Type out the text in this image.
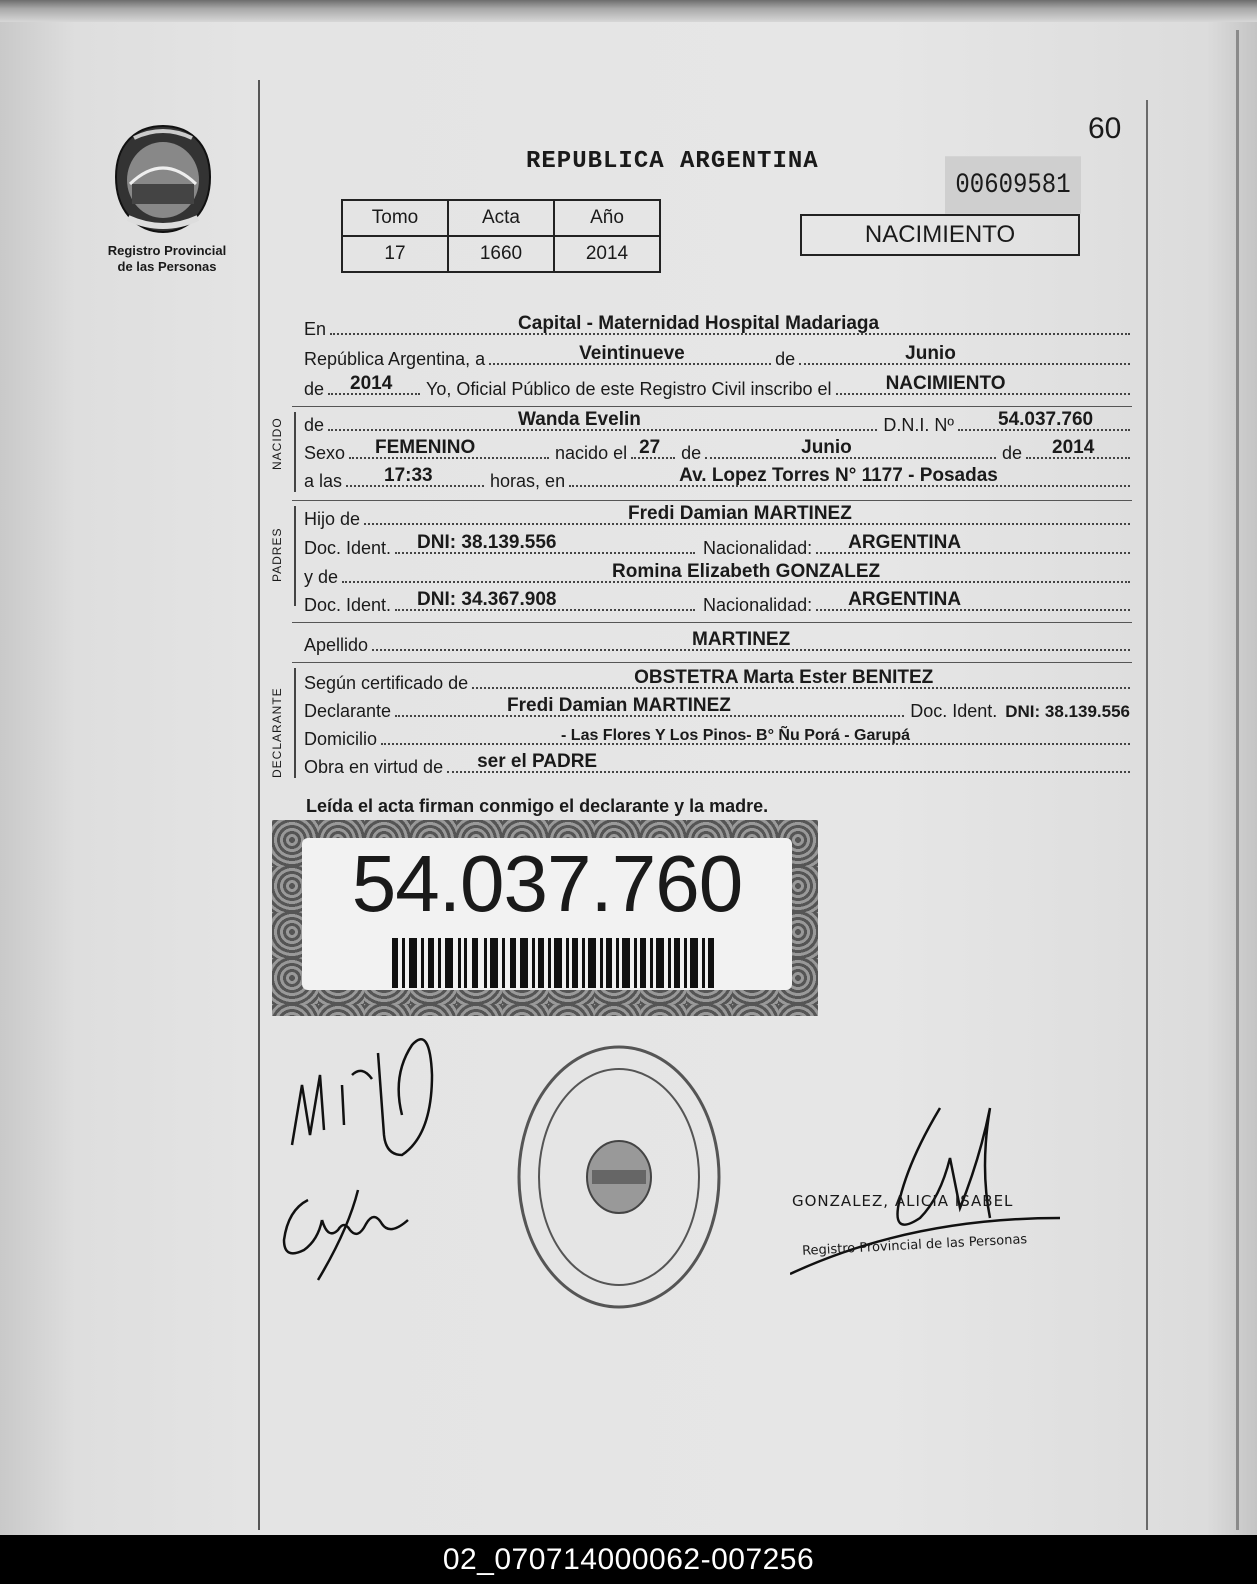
Registro Provincial
de las Personas
60
REPUBLICA ARGENTINA
00609581
NACIMIENTO
Tomo	Acta	Año
17	1660	2014
En	Capital - Maternidad Hospital Madariaga
República Argentina, a	Veintinueve	de	Junio
de 2014	Yo, Oficial Público de este Registro Civil inscribo el	NACIMIENTO
NACIDO de	Wanda Evelin	D.N.I. Nº 54.037.760
Sexo FEMENINO	nacido el 27	de	Junio	de 2014
a las 17:33	horas, en	Av. Lopez Torres N° 1177 - Posadas
PADRES
Hijo de	Fredi Damian MARTINEZ
Doc. Ident. DNI: 38.139.556	Nacionalidad: ARGENTINA
y de	Romina Elizabeth GONZALEZ
Doc. Ident. DNI: 34.367.908	Nacionalidad: ARGENTINA
Apellido	MARTINEZ
DECLARANTE
Según certificado de	OBSTETRA Marta Ester BENITEZ
Declarante	Fredi Damian MARTINEZ	Doc. Ident. DNI: 38.139.556
Domicilio	- Las Flores Y Los Pinos- B° Ñu Porá - Garupá
Obra en virtud de ser el PADRE
Leída el acta firman conmigo el declarante y la madre.
54.037.760
GONZALEZ, ALICIA ISABEL
Registro Provincial de las Personas
02_070714000062-007256
